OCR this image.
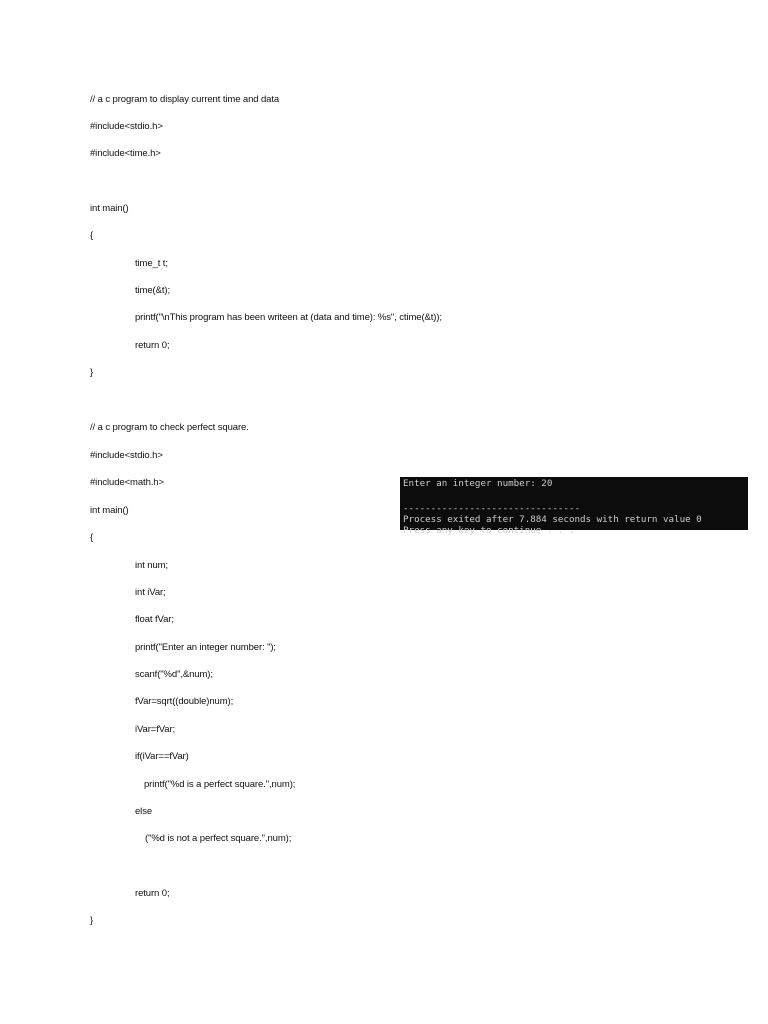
// a c program to display current time and data
#include<stdio.h>
#include<time.h>
int main()
{
time_t t;
time(&t);
printf("\nThis program has been writeen at (data and time): %s", ctime(&t));
return 0;
}
// a c program to check perfect square.
#include<stdio.h>
#include<math.h>
int main()
{
int num;
int iVar;
float fVar;
printf("Enter an integer number: ");
scanf("%d",&num);
fVar=sqrt((double)num);
iVar=fVar;
if(iVar==fVar)
printf("%d is a perfect square.",num);
else
("%d is not a perfect square.",num);
return 0;
}
Enter an integer number: 20
--------------------------------
Process exited after 7.884 seconds with return value 0
Press any key to continue . . .
